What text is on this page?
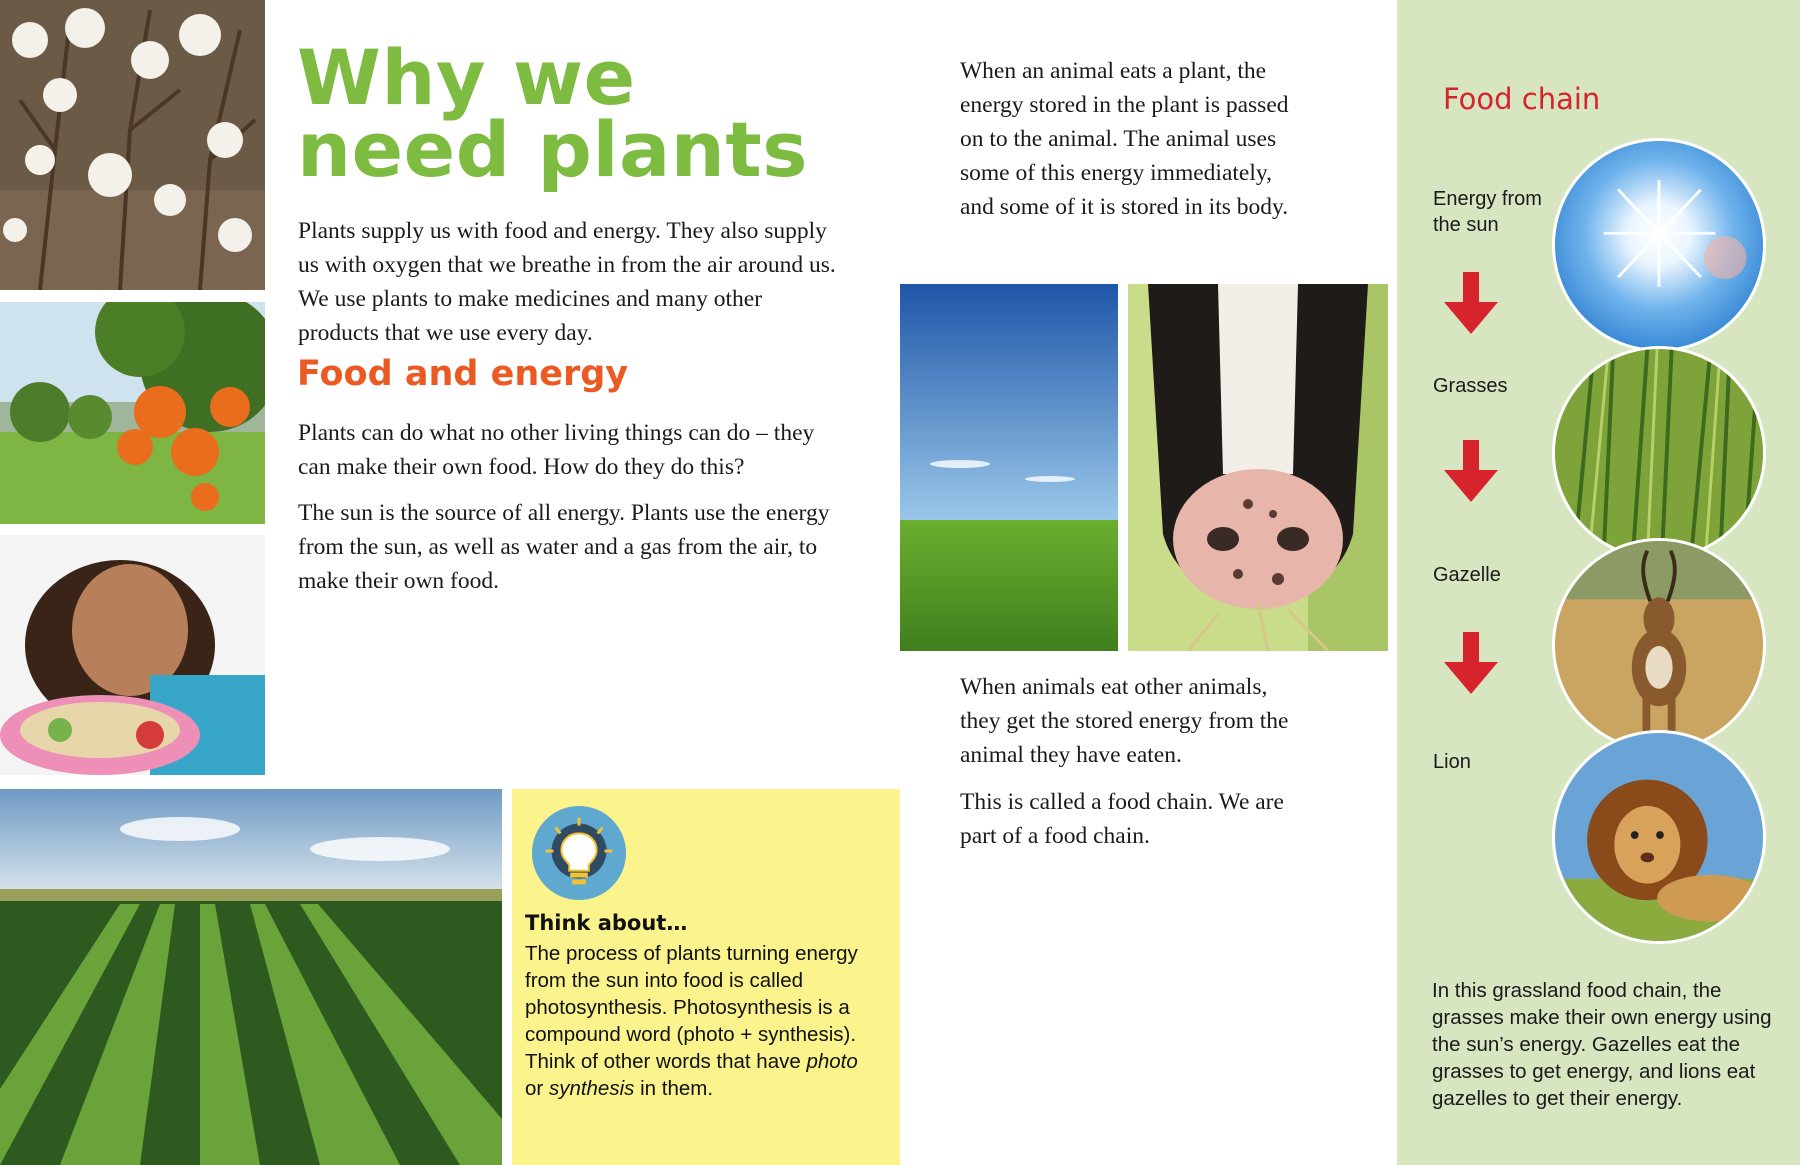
Why we need plants

Plants supply us with food and energy. They also supply us with oxygen that we breathe in from the air around us. We use plants to make medicines and many other products that we use every day.

Food and energy

Plants can do what no other living things can do – they can make their own food. How do they do this?

The sun is the source of all energy. Plants use the energy from the sun, as well as water and a gas from the air, to make their own food.

Think about…

The process of plants turning energy from the sun into food is called photosynthesis. Photosynthesis is a compound word (photo + synthesis). Think of other words that have photo or synthesis in them.

When an animal eats a plant, the energy stored in the plant is passed on to the animal. The animal uses some of this energy immediately, and some of it is stored in its body.

When animals eat other animals, they get the stored energy from the animal they have eaten.

This is called a food chain. We are part of a food chain.

Food chain

Energy from the sun

Grasses

Gazelle

Lion

In this grassland food chain, the grasses make their own energy using the sun’s energy. Gazelles eat the grasses to get energy, and lions eat gazelles to get their energy.
